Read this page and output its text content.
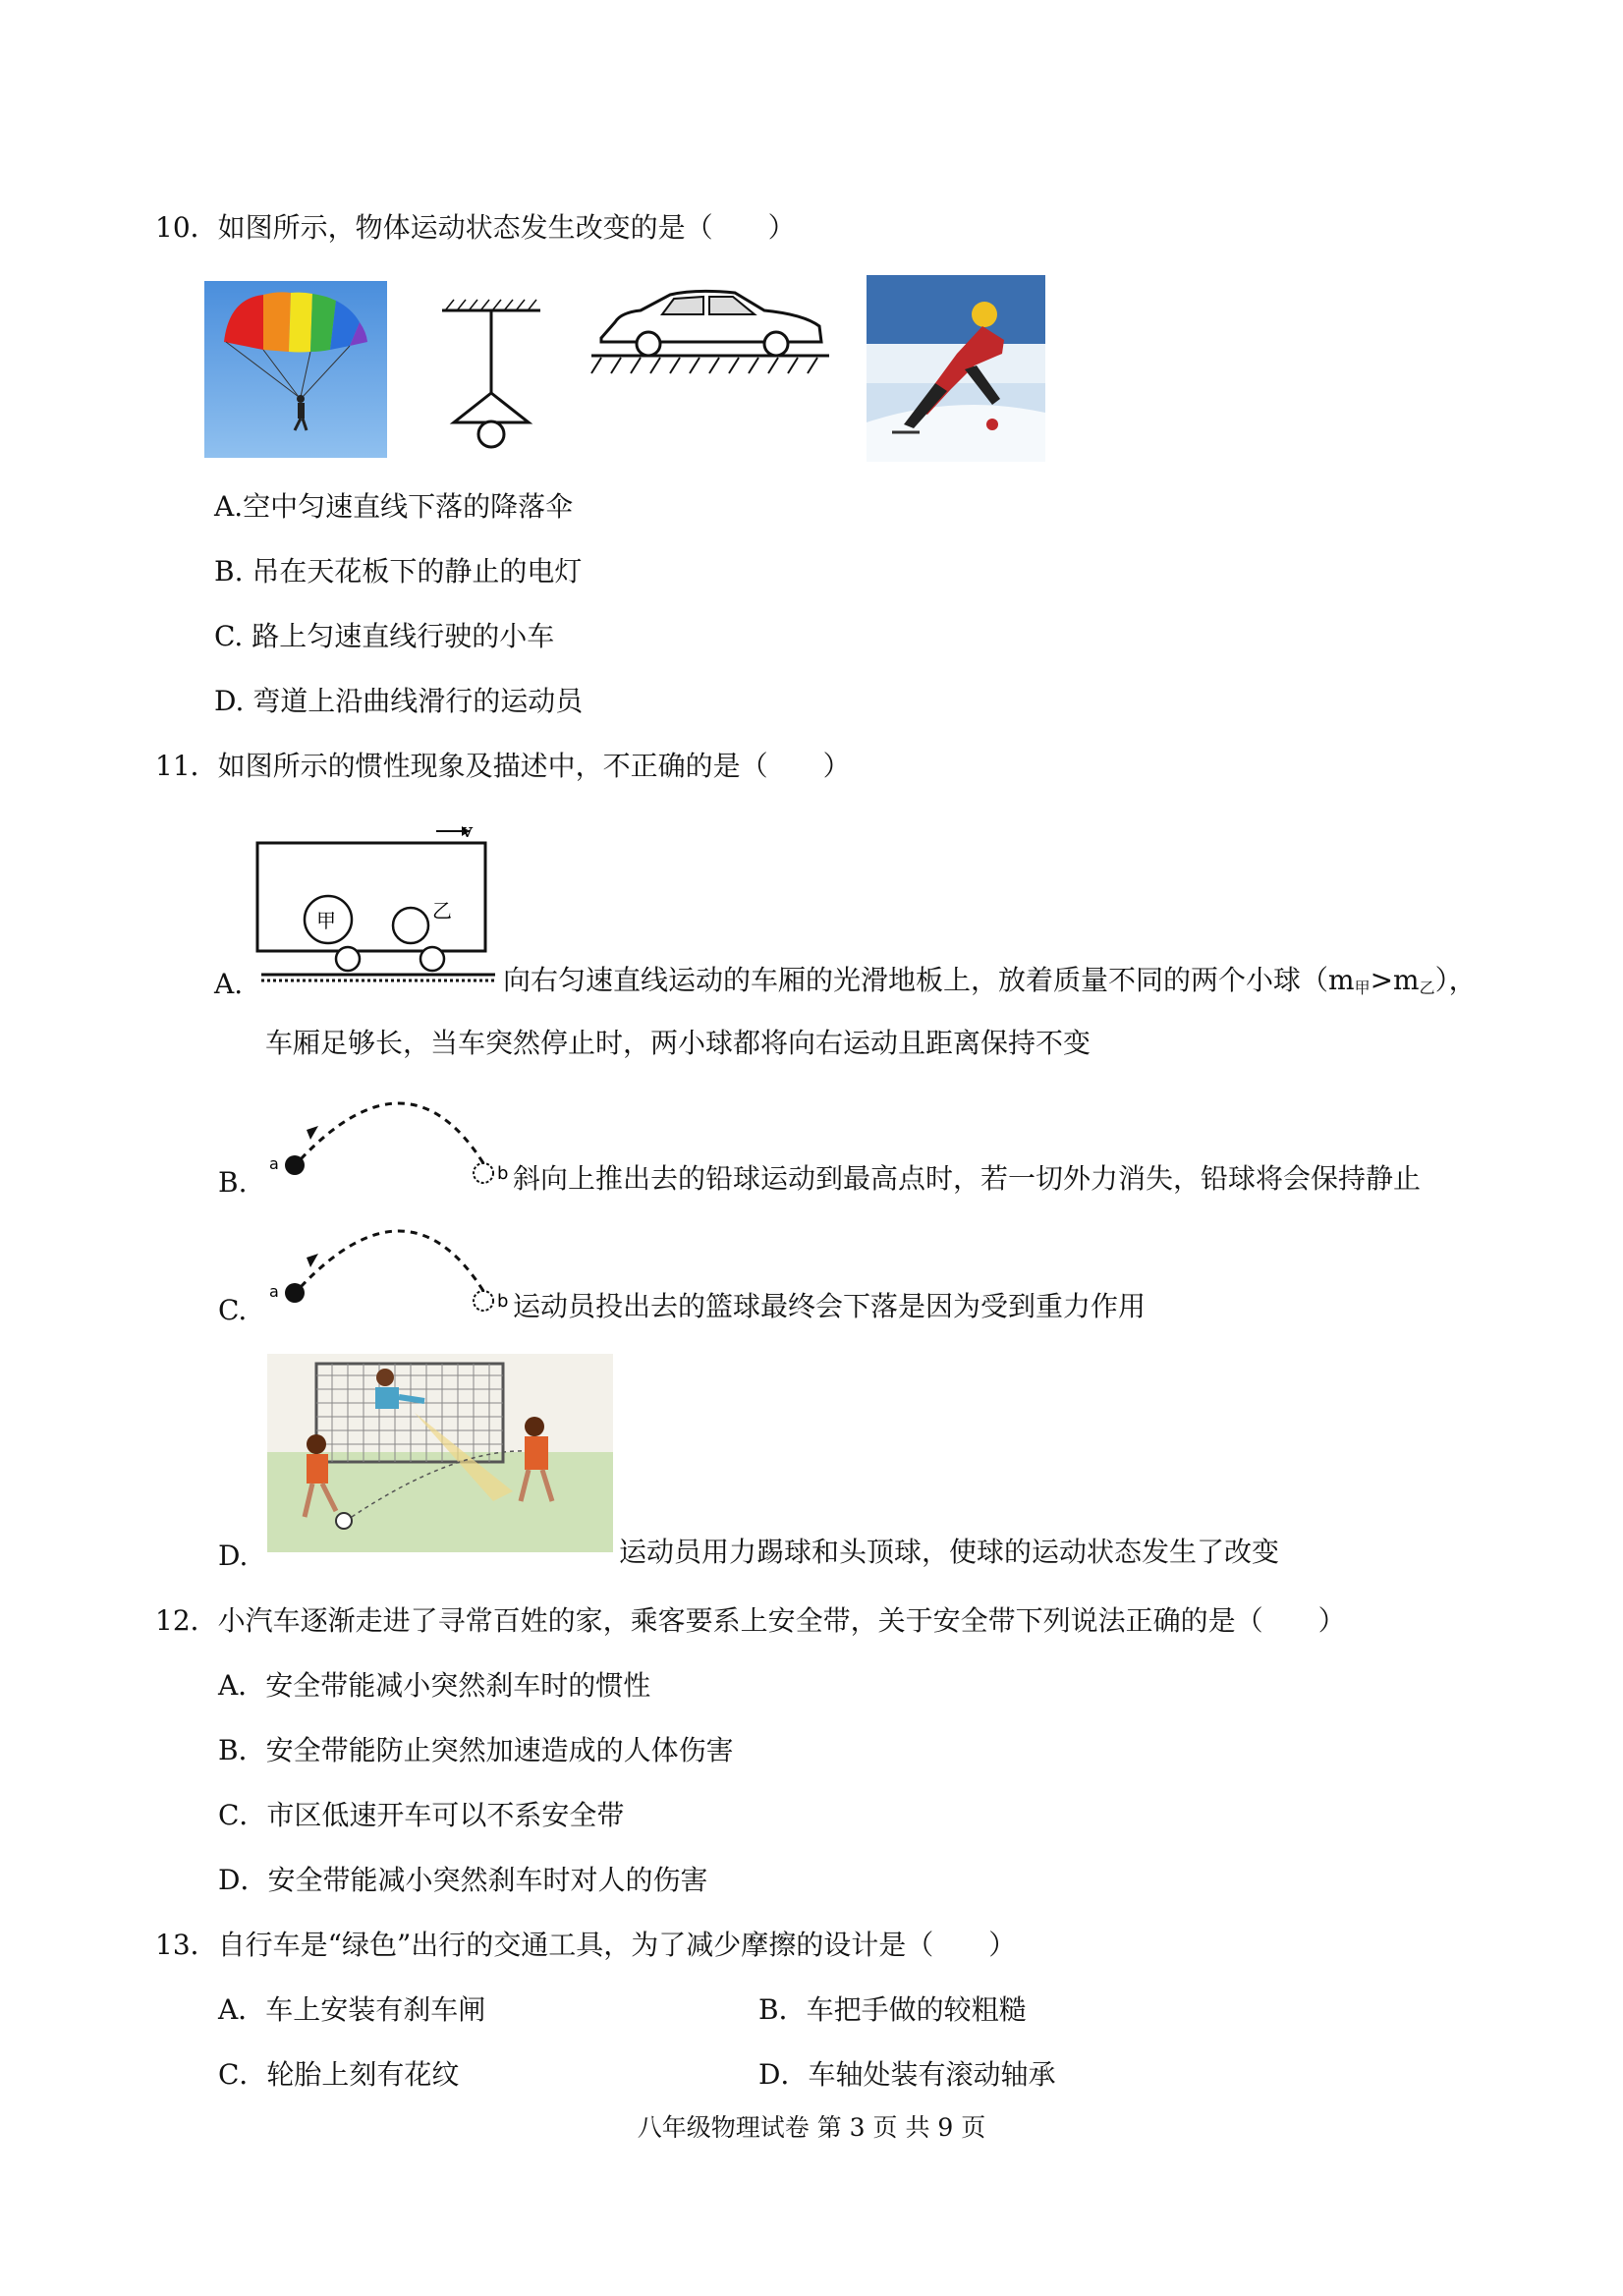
10．如图所示，物体运动状态发生改变的是（　　）
A.空中匀速直线下落的降落伞
B. 吊在天花板下的静止的电灯
C. 路上匀速直线行驶的小车
D. 弯道上沿曲线滑行的运动员
11．如图所示的惯性现象及描述中，不正确的是（　　）
v
甲	乙
A.	向右匀速直线运动的车厢的光滑地板上，放着质量不同的两个小球$(m_甲>m_乙)$，
车厢足够长，当车突然停止时，两小球都将向右运动且距离保持不变
a	b
B.	斜向上推出去的铅球运动到最高点时，若一切外力消失，铅球将会保持静止
a	b
C.	运动员投出去的篮球最终会下落是因为受到重力作用
D.	运动员用力踢球和头顶球，使球的运动状态发生了改变
12．小汽车逐渐走进了寻常百姓的家，乘客要系上安全带，关于安全带下列说法正确的是（　　）
A．安全带能减小突然刹车时的惯性
B．安全带能防止突然加速造成的人体伤害
C．市区低速开车可以不系安全带
D．安全带能减小突然刹车时对人的伤害
13．自行车是“绿色”出行的交通工具，为了减少摩擦的设计是（　　）
A．车上安装有刹车闸	B．车把手做的较粗糙
C．轮胎上刻有花纹	D．车轴处装有滚动轴承
八年级物理试卷 第 3 页 共 9 页
